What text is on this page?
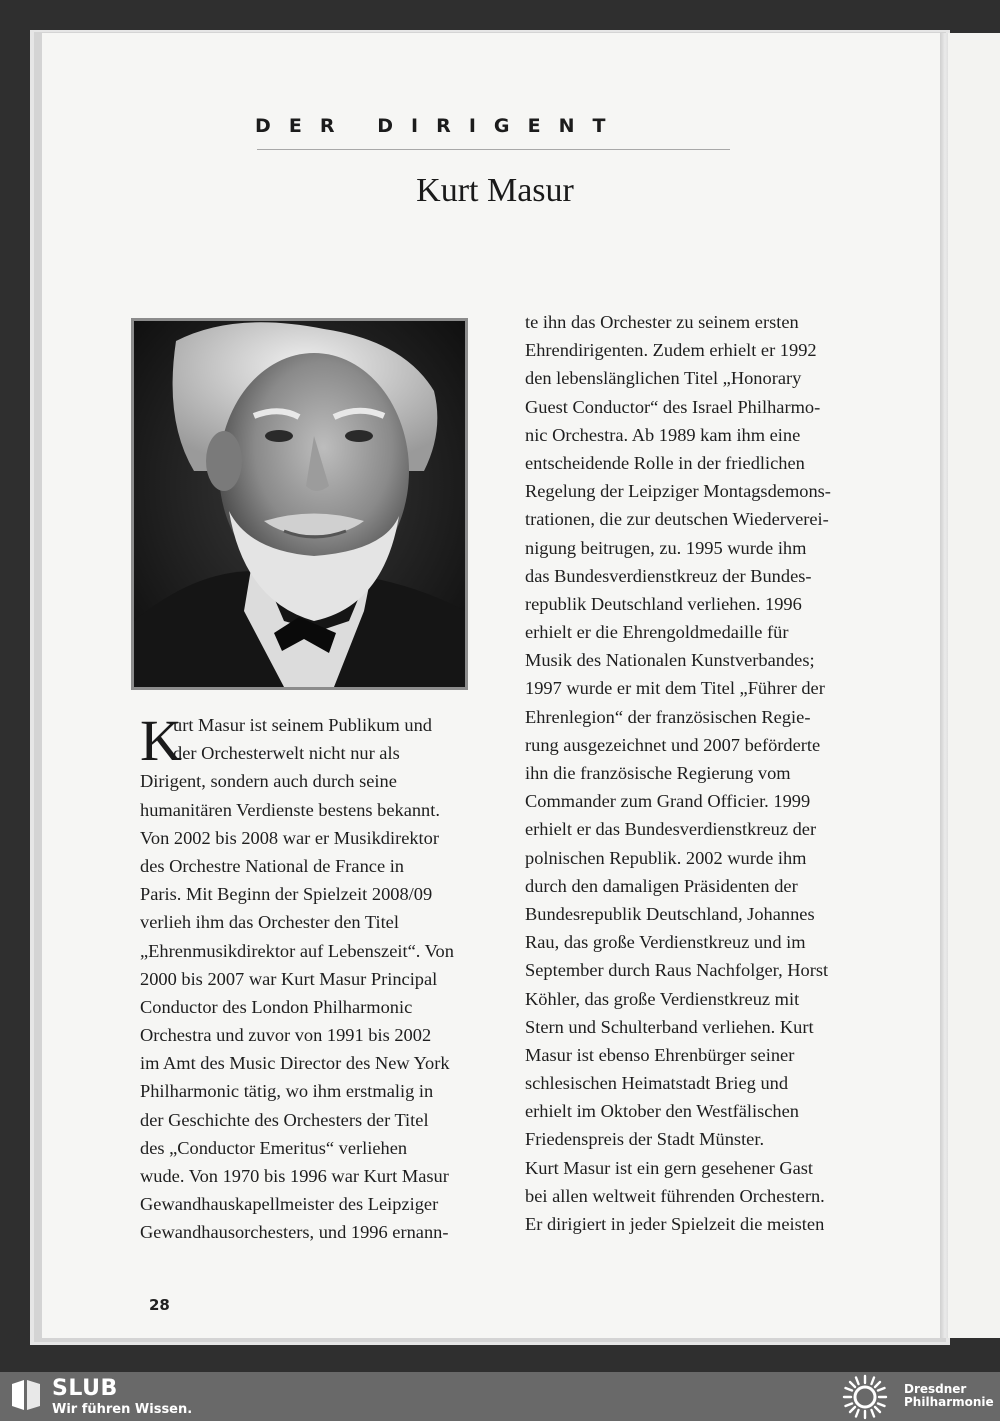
DER DIRIGENT
Kurt Masur
K
urt Masur ist seinem Publikum und
der Orchesterwelt nicht nur als
Dirigent, sondern auch durch seine
humanitären Verdienste bestens bekannt.
Von 2002 bis 2008 war er Musikdirektor
des Orchestre National de France in
Paris. Mit Beginn der Spielzeit 2008/09
verlieh ihm das Orchester den Titel
„Ehrenmusikdirektor auf Lebenszeit“. Von
2000 bis 2007 war Kurt Masur Principal
Conductor des London Philharmonic
Orchestra und zuvor von 1991 bis 2002
im Amt des Music Director des New York
Philharmonic tätig, wo ihm erstmalig in
der Geschichte des Orchesters der Titel
des „Conductor Emeritus“ verliehen
wude. Von 1970 bis 1996 war Kurt Masur
Gewandhauskapellmeister des Leipziger
Gewandhausorchesters, und 1996 ernann-
te ihn das Orchester zu seinem ersten
Ehrendirigenten. Zudem erhielt er 1992
den lebenslänglichen Titel „Honorary
Guest Conductor“ des Israel Philharmo-
nic Orchestra. Ab 1989 kam ihm eine
entscheidende Rolle in der friedlichen
Regelung der Leipziger Montagsdemons-
trationen, die zur deutschen Wiederverei-
nigung beitrugen, zu. 1995 wurde ihm
das Bundesverdienstkreuz der Bundes-
republik Deutschland verliehen. 1996
erhielt er die Ehrengoldmedaille für
Musik des Nationalen Kunstverbandes;
1997 wurde er mit dem Titel „Führer der
Ehrenlegion“ der französischen Regie-
rung ausgezeichnet und 2007 beförderte
ihn die französische Regierung vom
Commander zum Grand Officier. 1999
erhielt er das Bundesverdienstkreuz der
polnischen Republik. 2002 wurde ihm
durch den damaligen Präsidenten der
Bundesrepublik Deutschland, Johannes
Rau, das große Verdienstkreuz und im
September durch Raus Nachfolger, Horst
Köhler, das große Verdienstkreuz mit
Stern und Schulterband verliehen. Kurt
Masur ist ebenso Ehrenbürger seiner
schlesischen Heimatstadt Brieg und
erhielt im Oktober den Westfälischen
Friedenspreis der Stadt Münster.
Kurt Masur ist ein gern gesehener Gast
bei allen weltweit führenden Orchestern.
Er dirigiert in jeder Spielzeit die meisten
28
SLUB
Wir führen Wissen.
Dresdner
Philharmonie
